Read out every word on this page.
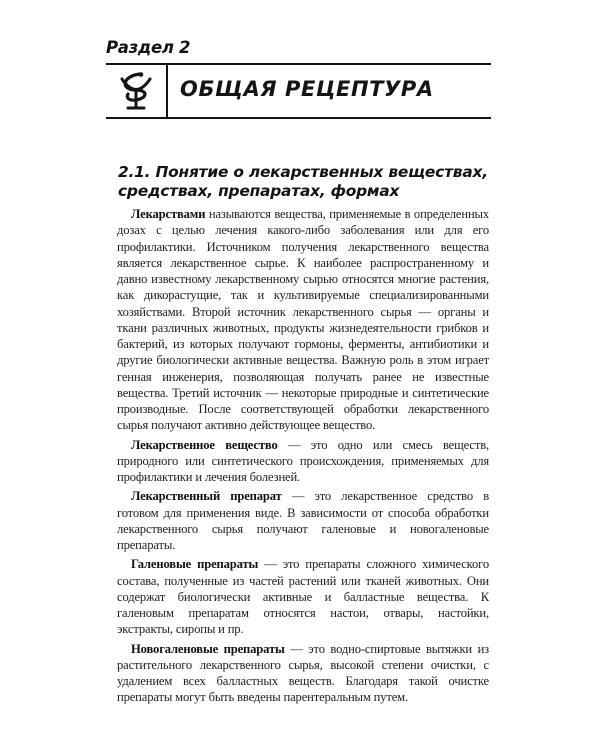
Раздел 2
ОБЩАЯ РЕЦЕПТУРА
2.1. Понятие о лекарственных веществах,
средствах, препаратах, формах

Лекарствами называются вещества, применяемые в определенных дозах с целью лечения какого-либо заболевания или для его профилактики. Источником получения лекарственного вещества является лекарственное сырье. К наиболее распространенному и давно известному лекарственному сырью относятся многие растения, как дикорастущие, так и культивируемые специализированными хозяйствами. Второй источник лекарственного сырья — органы и ткани различных животных, продукты жизнедеятельности грибков и бактерий, из которых получают гормоны, ферменты, антибиотики и другие биологически активные вещества. Важную роль в этом играет генная инженерия, позволяющая получать ранее не известные вещества. Третий источник — некоторые природные и синтетические производные. После соответствующей обработки лекарственного сырья получают активно действующее вещество.

Лекарственное вещество — это одно или смесь веществ, природного или синтетического происхождения, применяемых для профилактики и лечения болезней.

Лекарственный препарат — это лекарственное средство в готовом для применения виде. В зависимости от способа обработки лекарственного сырья получают галеновые и новогаленовые препараты.

Галеновые препараты — это препараты сложного химического состава, полученные из частей растений или тканей животных. Они содержат биологически активные и балластные вещества. К галеновым препаратам относятся настои, отвары, настойки, экстракты, сиропы и пр.

Новогаленовые препараты — это водно-спиртовые вытяжки из растительного лекарственного сырья, высокой степени очистки, с удалением всех балластных веществ. Благодаря такой очистке препараты могут быть введены парентеральным путем.
